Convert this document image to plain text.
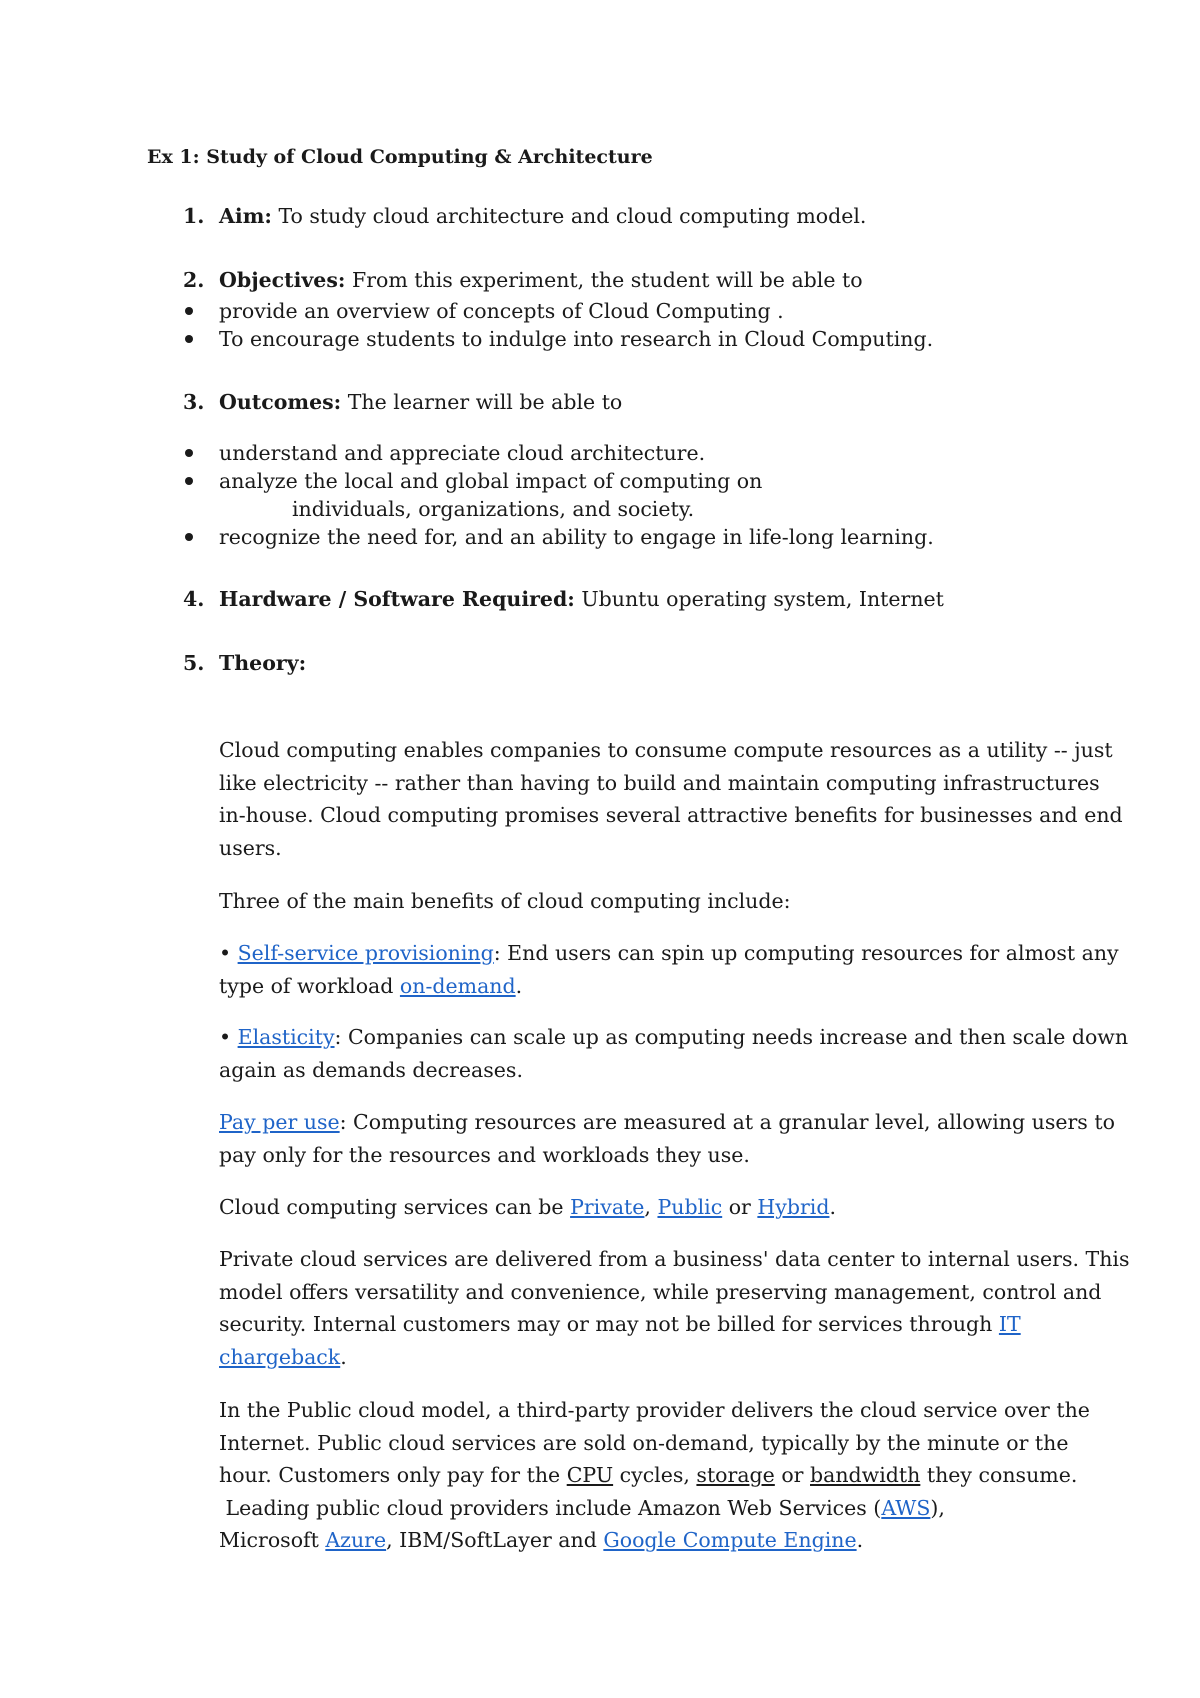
Ex 1: Study of Cloud Computing & Architecture
1. Aim: To study cloud architecture and cloud computing model.
2. Objectives: From this experiment, the student will be able to
provide an overview of concepts of Cloud Computing .
To encourage students to indulge into research in Cloud Computing.
3. Outcomes: The learner will be able to
understand and appreciate cloud architecture.
analyze the local and global impact of computing on
individuals, organizations, and society.
recognize the need for, and an ability to engage in life-long learning.
4. Hardware / Software Required: Ubuntu operating system, Internet
5. Theory:
Cloud computing enables companies to consume compute resources as a utility -- just
like electricity -- rather than having to build and maintain computing infrastructures
in-house. Cloud computing promises several attractive benefits for businesses and end
users.
Three of the main benefits of cloud computing include:
• Self-service provisioning: End users can spin up computing resources for almost any
type of workload on-demand.
• Elasticity: Companies can scale up as computing needs increase and then scale down
again as demands decreases.
Pay per use: Computing resources are measured at a granular level, allowing users to
pay only for the resources and workloads they use.
Cloud computing services can be Private, Public or Hybrid.
Private cloud services are delivered from a business' data center to internal users. This
model offers versatility and convenience, while preserving management, control and
security. Internal customers may or may not be billed for services through IT
chargeback.
In the Public cloud model, a third-party provider delivers the cloud service over the
Internet. Public cloud services are sold on-demand, typically by the minute or the
hour. Customers only pay for the CPU cycles, storage or bandwidth they consume.
Leading public cloud providers include Amazon Web Services (AWS),
Microsoft Azure, IBM/SoftLayer and Google Compute Engine.
